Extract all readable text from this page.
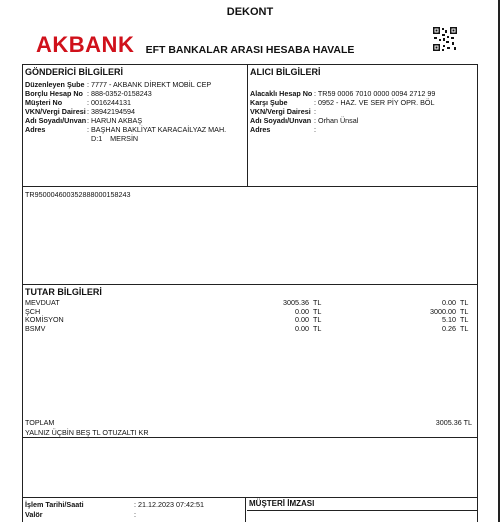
AKBANK
DEKONT
EFT BANKALAR ARASI HESABA HAVALE
GÖNDERİCİ BİLGİLERİ
Düzenleyen Şube : 7777 - AKBANK DİREKT MOBİL CEP
Borçlu Hesap No : 888-0352-0158243
Müşteri No	: 0016244131
VKN/Vergi Dairesi : 38942194594
Adı Soyadı/Unvan : HARUN AKBAŞ
Adres	: BAŞHAN BAKLİYAT KARACAİLYAZ MAH.
D:1    MERSİN
ALICI BİLGİLERİ
Alacaklı Hesap No : TR59 0006 7010 0000 0094 2712 99
Karşı Şube	: 0952 - HAZ. VE SER PİY OPR. BÖL
VKN/Vergi Dairesi :
Adı Soyadı/Unvan : Orhan Ünsal
Adres	:
TR950004600352888000158243
TUTAR BİLGİLERİ
MEVDUAT	3005.36 TL	0.00 TL
ŞCH	0.00 TL	3000.00 TL
KOMİSYON	0.00 TL	5.10 TL
BSMV	0.00 TL	0.26 TL
TOPLAM	3005.36 TL
YALNIZ ÜÇBİN BEŞ TL OTUZALTI KR
İşlem Tarihi/Saati	: 21.12.2023 07:42:51
Valör	:
MÜŞTERİ İMZASI
